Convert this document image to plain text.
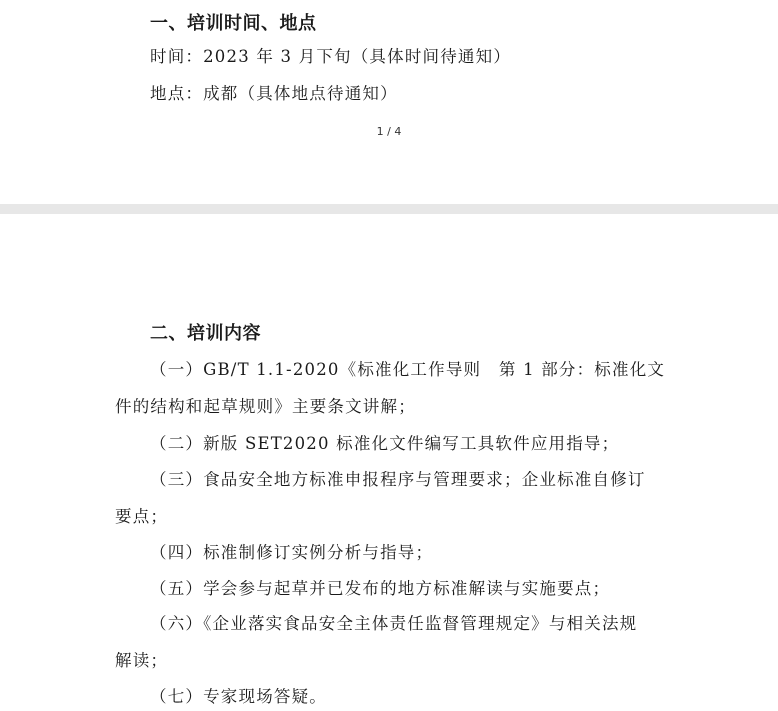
一、培训时间、地点
时间：2023 年 3 月下旬（具体时间待通知）
地点：成都（具体地点待通知）
1 / 4
二、培训内容
（一）GB/T 1.1-2020《标准化工作导则　第 1 部分：标准化文
件的结构和起草规则》主要条文讲解；
（二）新版 SET2020 标准化文件编写工具软件应用指导；
（三）食品安全地方标准申报程序与管理要求；企业标准自修订
要点；
（四）标准制修订实例分析与指导；
（五）学会参与起草并已发布的地方标准解读与实施要点；
（六）《企业落实食品安全主体责任监督管理规定》与相关法规
解读；
（七）专家现场答疑。
